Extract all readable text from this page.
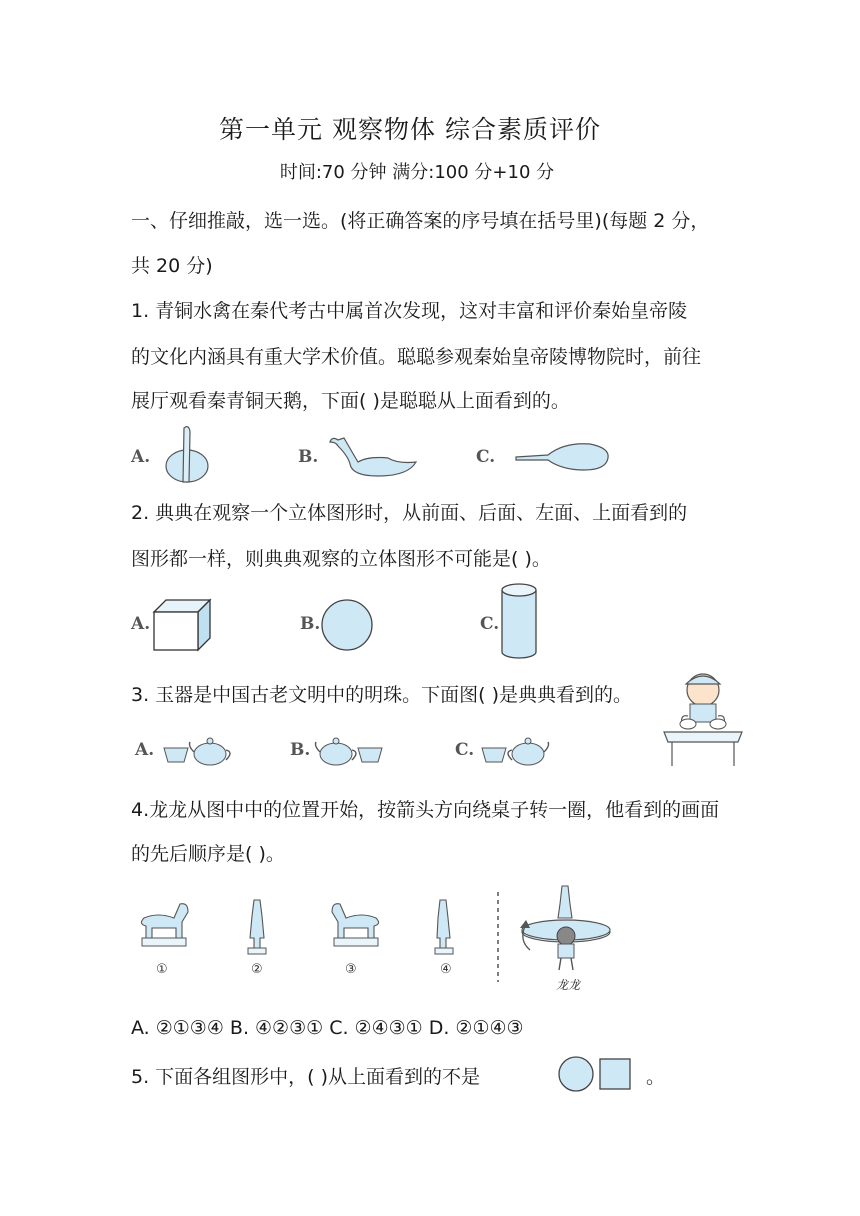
第一单元 观察物体 综合素质评价
时间:70 分钟 满分:100 分+10 分
一、仔细推敲，选一选。(将正确答案的序号填在括号里)(每题 2 分，
共 20 分)
1. 青铜水禽在秦代考古中属首次发现，这对丰富和评价秦始皇帝陵
的文化内涵具有重大学术价值。聪聪参观秦始皇帝陵博物院时，前往
展厅观看秦青铜天鹅，下面( )是聪聪从上面看到的。
A.	B.	C.
2. 典典在观察一个立体图形时，从前面、后面、左面、上面看到的
图形都一样，则典典观察的立体图形不可能是( )。
A.	B.	C.
3. 玉器是中国古老文明中的明珠。下面图( )是典典看到的。
A.	B.	C.
4.龙龙从图中中的位置开始，按箭头方向绕桌子转一圈，他看到的画面
的先后顺序是( )。
①	②	③	④
龙龙
A. ②①③④ B. ④②③① C. ②④③① D. ②①④③
5. 下面各组图形中，( )从上面看到的不是	。
